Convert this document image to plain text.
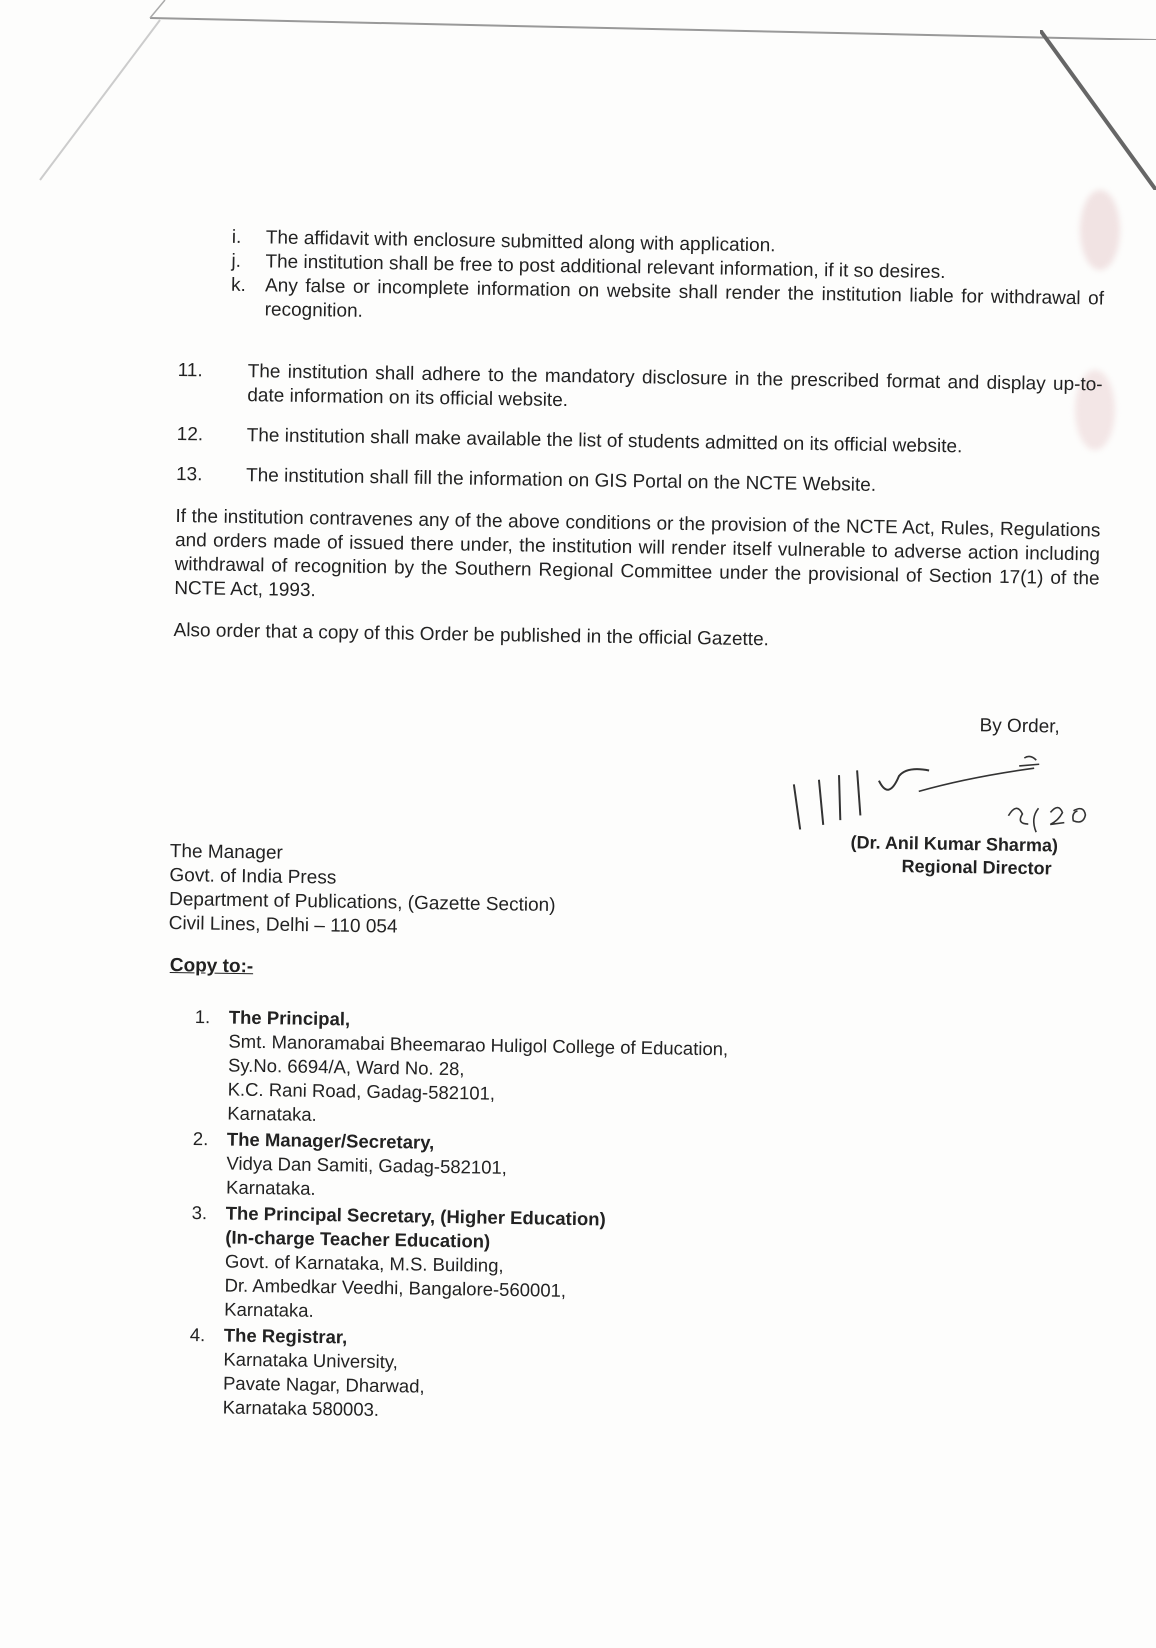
i.	The affidavit with enclosure submitted along with application.
j.	The institution shall be free to post additional relevant information, if it so desires.
k. Any false or incomplete information on website shall render the institution liable for withdrawal of recognition.
11.	The institution shall adhere to the mandatory disclosure in the prescribed format and display up-to-date information on its official website.
12.	The institution shall make available the list of students admitted on its official website.
13.	The institution shall fill the information on GIS Portal on the NCTE Website.
If the institution contravenes any of the above conditions or the provision of the NCTE Act, Rules, Regulations and orders made of issued there under, the institution will render itself vulnerable to adverse action including withdrawal of recognition by the Southern Regional Committee under the provisional of Section 17(1) of the NCTE Act, 1993.
Also order that a copy of this Order be published in the official Gazette.
By Order,
(Dr. Anil Kumar Sharma)
Regional Director
The Manager
Govt. of India Press
Department of Publications, (Gazette Section)
Civil Lines, Delhi – 110 054
Copy to:-
1. The Principal,
Smt. Manoramabai Bheemarao Huligol College of Education,
Sy.No. 6694/A, Ward No. 28,
K.C. Rani Road, Gadag-582101,
Karnataka.
2. The Manager/Secretary,
Vidya Dan Samiti, Gadag-582101,
Karnataka.
3. The Principal Secretary, (Higher Education)
(In-charge Teacher Education)
Govt. of Karnataka, M.S. Building,
Dr. Ambedkar Veedhi, Bangalore-560001,
Karnataka.
4. The Registrar,
Karnataka University,
Pavate Nagar, Dharwad,
Karnataka 580003.
